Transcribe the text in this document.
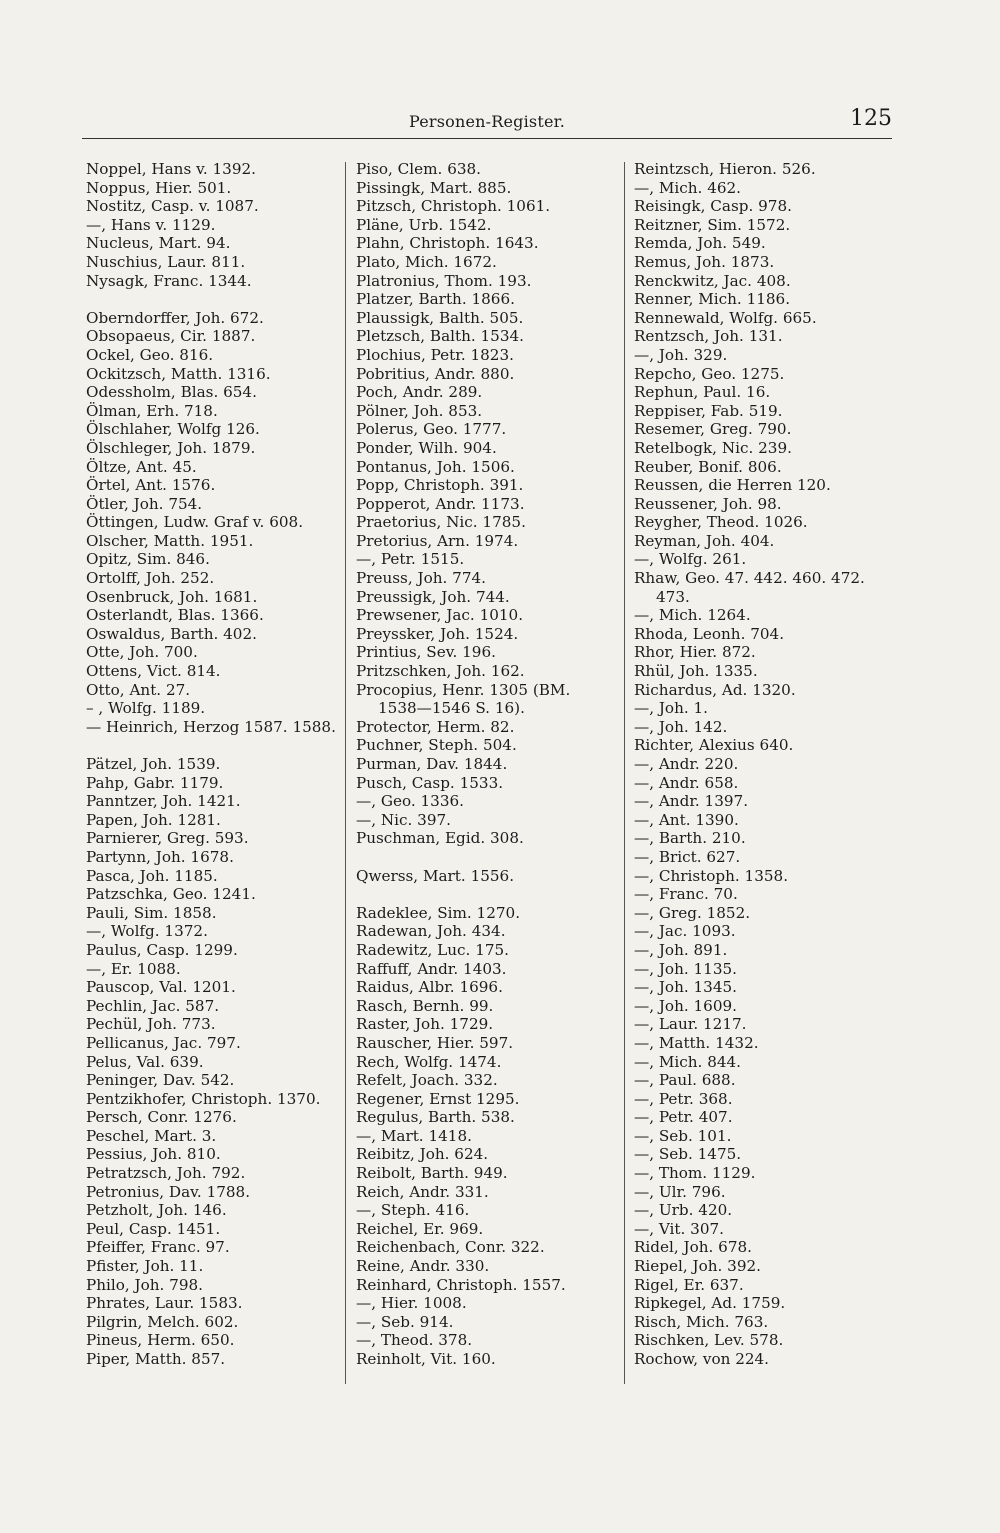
Personen-Register.	125
Noppel, Hans v. 1392.
Noppus, Hier. 501.
Nostitz, Casp. v. 1087.
—, Hans v. 1129.
Nucleus, Mart. 94.
Nuschius, Laur. 811.
Nysagk, Franc. 1344.
Oberndorffer, Joh. 672.
Obsopaeus, Cir. 1887.
Ockel, Geo. 816.
Ockitzsch, Matth. 1316.
Odessholm, Blas. 654.
Ölman, Erh. 718.
Ölschlaher, Wolfg 126.
Ölschleger, Joh. 1879.
Öltze, Ant. 45.
Örtel, Ant. 1576.
Ötler, Joh. 754.
Öttingen, Ludw. Graf v. 608.
Olscher, Matth. 1951.
Opitz, Sim. 846.
Ortolff, Joh. 252.
Osenbruck, Joh. 1681.
Osterlandt, Blas. 1366.
Oswaldus, Barth. 402.
Otte, Joh. 700.
Ottens, Vict. 814.
Otto, Ant. 27.
– , Wolfg. 1189.
— Heinrich, Herzog 1587. 1588.
Pätzel, Joh. 1539.
Pahp, Gabr. 1179.
Panntzer, Joh. 1421.
Papen, Joh. 1281.
Parnierer, Greg. 593.
Partynn, Joh. 1678.
Pasca, Joh. 1185.
Patzschka, Geo. 1241.
Pauli, Sim. 1858.
—, Wolfg. 1372.
Paulus, Casp. 1299.
—, Er. 1088.
Pauscop, Val. 1201.
Pechlin, Jac. 587.
Pechül, Joh. 773.
Pellicanus, Jac. 797.
Pelus, Val. 639.
Peninger, Dav. 542.
Pentzikhofer, Christoph. 1370.
Persch, Conr. 1276.
Peschel, Mart. 3.
Pessius, Joh. 810.
Petratzsch, Joh. 792.
Petronius, Dav. 1788.
Petzholt, Joh. 146.
Peul, Casp. 1451.
Pfeiffer, Franc. 97.
Pfister, Joh. 11.
Philo, Joh. 798.
Phrates, Laur. 1583.
Pilgrin, Melch. 602.
Pineus, Herm. 650.
Piper, Matth. 857.
Piso, Clem. 638.
Pissingk, Mart. 885.
Pitzsch, Christoph. 1061.
Pläne, Urb. 1542.
Plahn, Christoph. 1643.
Plato, Mich. 1672.
Platronius, Thom. 193.
Platzer, Barth. 1866.
Plaussigk, Balth. 505.
Pletzsch, Balth. 1534.
Plochius, Petr. 1823.
Pobritius, Andr. 880.
Poch, Andr. 289.
Pölner, Joh. 853.
Polerus, Geo. 1777.
Ponder, Wilh. 904.
Pontanus, Joh. 1506.
Popp, Christoph. 391.
Popperot, Andr. 1173.
Praetorius, Nic. 1785.
Pretorius, Arn. 1974.
—, Petr. 1515.
Preuss, Joh. 774.
Preussigk, Joh. 744.
Prewsener, Jac. 1010.
Preyssker, Joh. 1524.
Printius, Sev. 196.
Pritzschken, Joh. 162.
Procopius, Henr. 1305 (BM.
1538—1546 S. 16).
Protector, Herm. 82.
Puchner, Steph. 504.
Purman, Dav. 1844.
Pusch, Casp. 1533.
—, Geo. 1336.
—, Nic. 397.
Puschman, Egid. 308.
Qwerss, Mart. 1556.
Radeklee, Sim. 1270.
Radewan, Joh. 434.
Radewitz, Luc. 175.
Raffuff, Andr. 1403.
Raidus, Albr. 1696.
Rasch, Bernh. 99.
Raster, Joh. 1729.
Rauscher, Hier. 597.
Rech, Wolfg. 1474.
Refelt, Joach. 332.
Regener, Ernst 1295.
Regulus, Barth. 538.
—, Mart. 1418.
Reibitz, Joh. 624.
Reibolt, Barth. 949.
Reich, Andr. 331.
—, Steph. 416.
Reichel, Er. 969.
Reichenbach, Conr. 322.
Reine, Andr. 330.
Reinhard, Christoph. 1557.
—, Hier. 1008.
—, Seb. 914.
—, Theod. 378.
Reinholt, Vit. 160.
Reintzsch, Hieron. 526.
—, Mich. 462.
Reisingk, Casp. 978.
Reitzner, Sim. 1572.
Remda, Joh. 549.
Remus, Joh. 1873.
Renckwitz, Jac. 408.
Renner, Mich. 1186.
Rennewald, Wolfg. 665.
Rentzsch, Joh. 131.
—, Joh. 329.
Repcho, Geo. 1275.
Rephun, Paul. 16.
Reppiser, Fab. 519.
Resemer, Greg. 790.
Retelbogk, Nic. 239.
Reuber, Bonif. 806.
Reussen, die Herren 120.
Reussener, Joh. 98.
Reygher, Theod. 1026.
Reyman, Joh. 404.
—, Wolfg. 261.
Rhaw, Geo. 47. 442. 460. 472.
473.
—, Mich. 1264.
Rhoda, Leonh. 704.
Rhor, Hier. 872.
Rhül, Joh. 1335.
Richardus, Ad. 1320.
—, Joh. 1.
—, Joh. 142.
Richter, Alexius 640.
—, Andr. 220.
—, Andr. 658.
—, Andr. 1397.
—, Ant. 1390.
—, Barth. 210.
—, Brict. 627.
—, Christoph. 1358.
—, Franc. 70.
—, Greg. 1852.
—, Jac. 1093.
—, Joh. 891.
—, Joh. 1135.
—, Joh. 1345.
—, Joh. 1609.
—, Laur. 1217.
—, Matth. 1432.
—, Mich. 844.
—, Paul. 688.
—, Petr. 368.
—, Petr. 407.
—, Seb. 101.
—, Seb. 1475.
—, Thom. 1129.
—, Ulr. 796.
—, Urb. 420.
—, Vit. 307.
Ridel, Joh. 678.
Riepel, Joh. 392.
Rigel, Er. 637.
Ripkegel, Ad. 1759.
Risch, Mich. 763.
Rischken, Lev. 578.
Rochow, von 224.
